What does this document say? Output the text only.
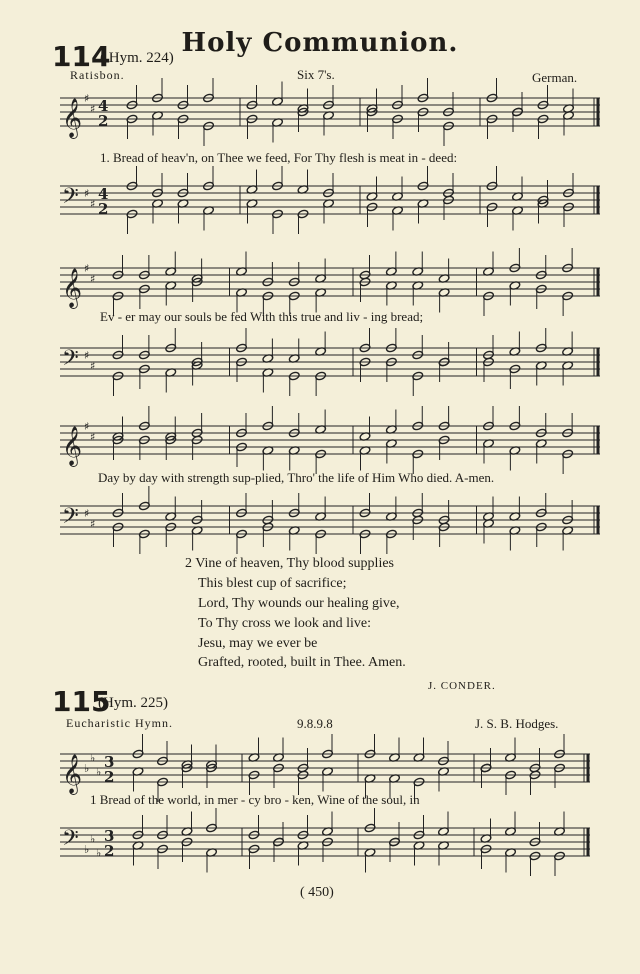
Holy Communion.
114
( Hym. 224)
Ratisbon.	Six 7's.	German.
𝄞 ♯
♯ 4
2
1. Bread of heav'n, on Thee we feed, For Thy flesh is meat in - deed:
𝄢 ♯
♯
4
2
𝄞 ♯
♯
Ev - er may our souls be fed With this true and liv - ing bread;
𝄢 ♯
♯
𝄞 ♯
♯
Day by day with strength sup-plied, Thro' the life of Him Who died. A-men.
𝄢 ♯
♯
2 Vine of heaven, Thy blood supplies
This blest cup of sacrifice;
Lord, Thy wounds our healing give,
To Thy cross we look and live:
Jesu, may we ever be
Grafted, rooted, built in Thee. Amen.
J. CONDER.
115
(Hym. 225)
Eucharistic Hymn.	9.8.9.8	J. S. B. Hodges.
𝄞 ♭
♭
♭
3
2
1 Bread of the world, in mer - cy bro - ken, Wine of the soul, in
𝄢 ♭
♭
♭
3
2
( 450)
